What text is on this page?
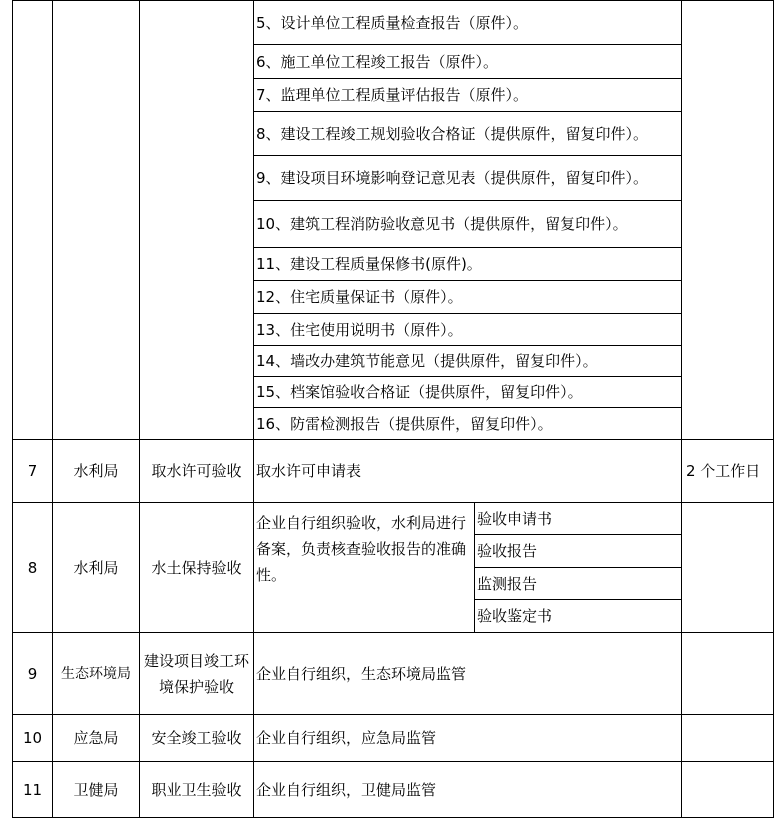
5、设计单位工程质量检查报告（原件）。
6、施工单位工程竣工报告（原件）。
7、监理单位工程质量评估报告（原件）。
8、建设工程竣工规划验收合格证（提供原件，留复印件）。
9、建设项目环境影响登记意见表（提供原件，留复印件）。
10、建筑工程消防验收意见书（提供原件，留复印件）。
11、建设工程质量保修书(原件)。
12、住宅质量保证书（原件）。
13、住宅使用说明书（原件）。
14、墙改办建筑节能意见（提供原件，留复印件）。
15、档案馆验收合格证（提供原件，留复印件）。
16、防雷检测报告（提供原件，留复印件）。
7 水利局 取水许可验收 取水许可申请表	2 个工作日
8 水利局 水土保持验收
企业自行组织验收，水利局进行备案，负责核查验收报告的准确性。
验收申请书
验收报告
监测报告
验收鉴定书
9 生态环境局
建设项目竣工环境保护验收
企业自行组织，生态环境局监管
10 应急局 安全竣工验收 企业自行组织，应急局监管
11 卫健局 职业卫生验收 企业自行组织，卫健局监管
